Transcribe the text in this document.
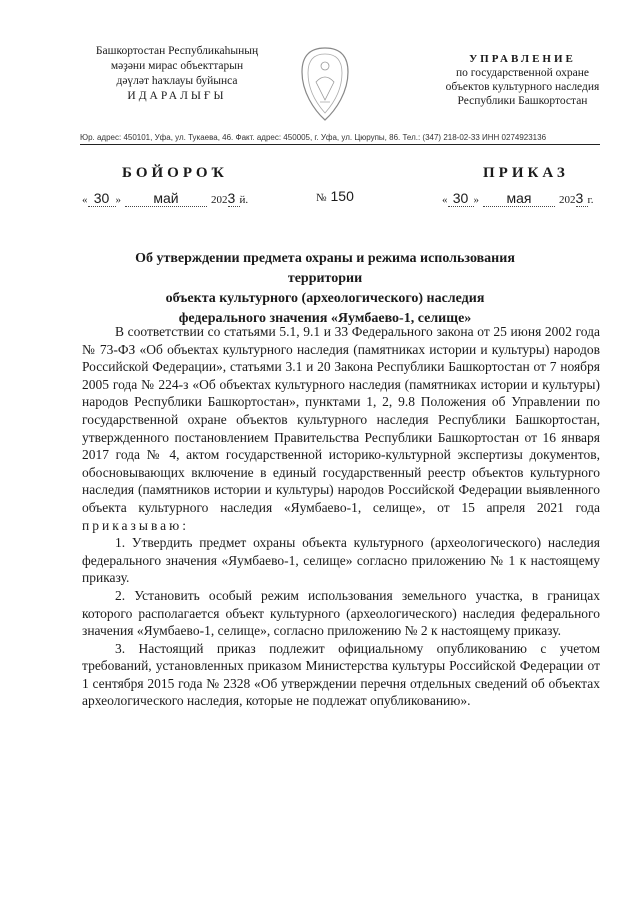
Башкортостан Республикаһының
мәҙәни мирас объекттарын
дәүләт һаҡлауы буйынса
ИДАРАЛЫҒЫ
УПРАВЛЕНИЕ
по государственной охране
объектов культурного наследия
Республики Башкортостан
Юр. адрес: 450101, Уфа, ул. Тукаева, 46. Факт. адрес: 450005, г. Уфа, ул. Цюрупы, 86. Тел.: (347) 218-02-33 ИНН 0274923136
БОЙОРОҠ	ПРИКАЗ
« 30 » май	2023 й.	№ 150	« 30 » мая	2023 г.
Об утверждении предмета охраны и режима использования территории
объекта культурного (археологического) наследия
федерального значения «Яумбаево-1, селище»

В соответствии со статьями 5.1, 9.1 и 33 Федерального закона от 25 июня 2002 года № 73-ФЗ «Об объектах культурного наследия (памятниках истории и культуры) народов Российской Федерации», статьями 3.1 и 20 Закона Республики Башкортостан от 7 ноября 2005 года № 224-з «Об объектах культурного наследия (памятниках истории и культуры) народов Республики Башкортостан», пунктами 1, 2, 9.8 Положения об Управлении по государственной охране объектов культурного наследия Республики Башкортостан, утвержденного постановлением Правительства Республики Башкортостан от 16 января 2017 года № 4, актом государственной историко-культурной экспертизы документов, обосновывающих включение в единый государственный реестр объектов культурного наследия (памятников истории и культуры) народов Российской Федерации выявленного объекта культурного наследия «Яумбаево-1, селище», от 15 апреля 2021 года приказываю:

1. Утвердить предмет охраны объекта культурного (археологического) наследия федерального значения «Яумбаево-1, селище» согласно приложению № 1 к настоящему приказу.

2. Установить особый режим использования земельного участка, в границах которого располагается объект культурного (археологического) наследия федерального значения «Яумбаево-1, селище», согласно приложению № 2 к настоящему приказу.

3. Настоящий приказ подлежит официальному опубликованию с учетом требований, установленных приказом Министерства культуры Российской Федерации от 1 сентября 2015 года № 2328 «Об утверждении перечня отдельных сведений об объектах археологического наследия, которые не подлежат опубликованию».
